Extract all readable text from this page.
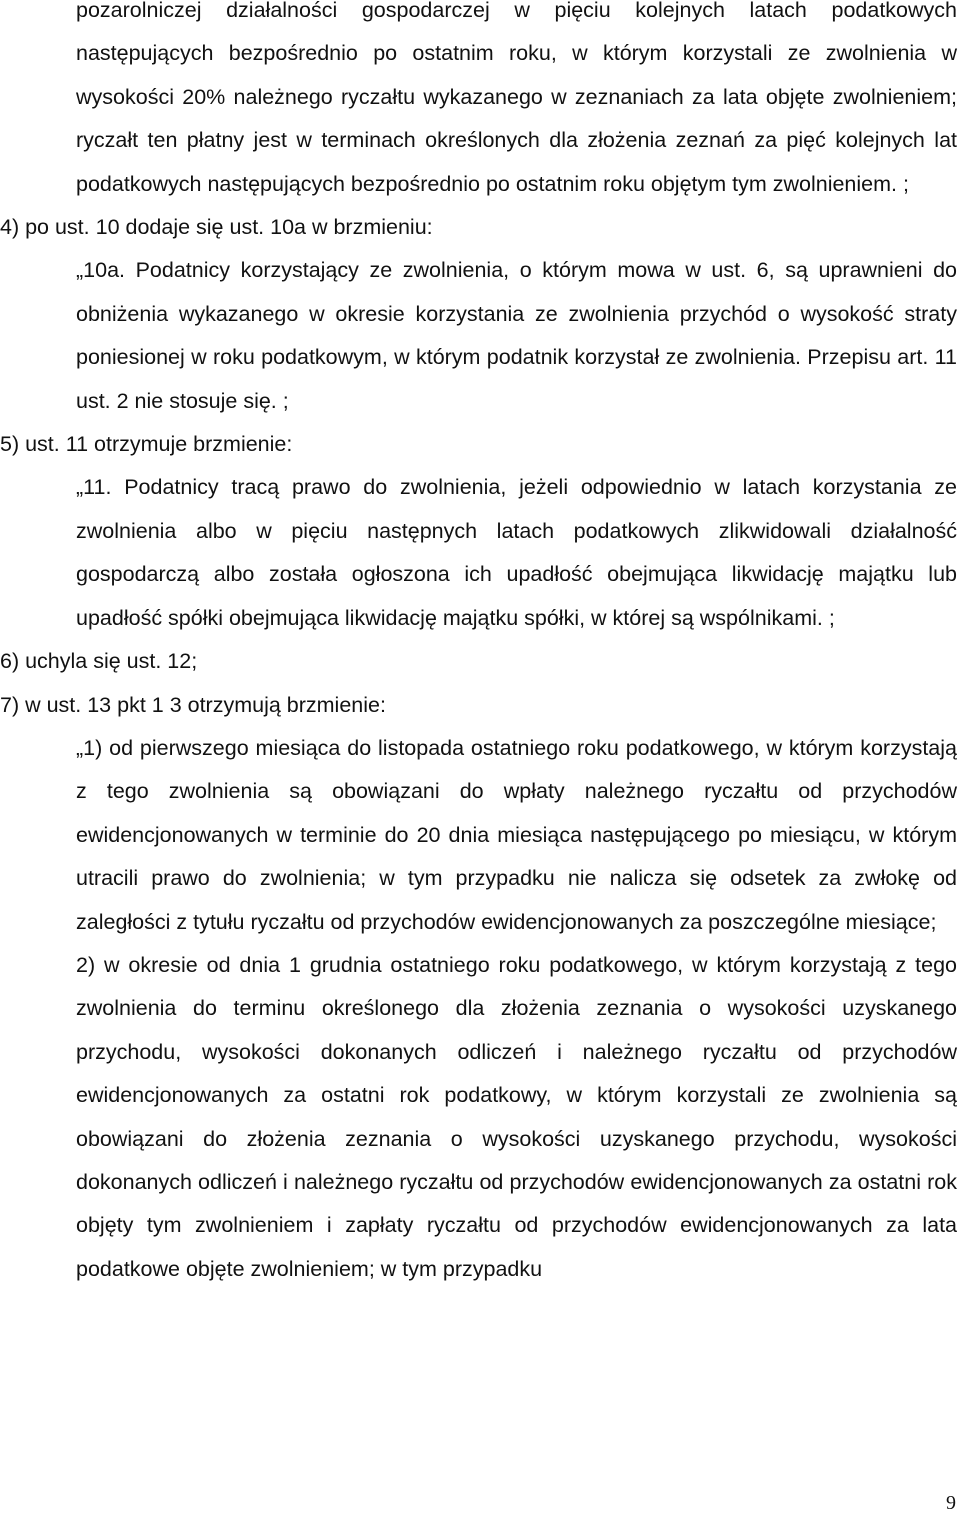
pozarolniczej działalności gospodarczej w pięciu kolejnych latach podatkowych następujących bezpośrednio po ostatnim roku, w którym korzystali ze zwolnienia w wysokości 20% należnego ryczałtu wykazanego w zeznaniach za lata objęte zwolnieniem; ryczałt ten płatny jest w terminach określonych dla złożenia zeznań za pięć kolejnych lat podatkowych następujących bezpośrednio po ostatnim roku objętym tym zwolnieniem. ;
4) po ust. 10 dodaje się ust. 10a w brzmieniu:
„10a. Podatnicy korzystający ze zwolnienia, o którym mowa w ust. 6, są uprawnieni do obniżenia wykazanego w okresie korzystania ze zwolnienia przychód o wysokość straty poniesionej w roku podatkowym, w którym podatnik korzystał ze zwolnienia. Przepisu art. 11 ust. 2 nie stosuje się. ;
5) ust. 11 otrzymuje brzmienie:
„11. Podatnicy tracą prawo do zwolnienia, jeżeli odpowiednio w latach korzystania ze zwolnienia albo w pięciu następnych latach podatkowych zlikwidowali działalność gospodarczą albo została ogłoszona ich upadłość obejmująca likwidację majątku lub upadłość spółki obejmująca likwidację majątku spółki, w której są wspólnikami. ;
6) uchyla się ust. 12;
7) w ust. 13 pkt 1 3 otrzymują brzmienie:
„1) od pierwszego miesiąca do listopada ostatniego roku podatkowego, w którym korzystają z tego zwolnienia są obowiązani do wpłaty należnego ryczałtu od przychodów ewidencjonowanych w terminie do 20 dnia miesiąca następującego po miesiącu, w którym utracili prawo do zwolnienia; w tym przypadku nie nalicza się odsetek za zwłokę od zaległości z tytułu ryczałtu od przychodów ewidencjonowanych za poszczególne miesiące;
2) w okresie od dnia 1 grudnia ostatniego roku podatkowego, w którym korzystają z tego zwolnienia do terminu określonego dla złożenia zeznania o wysokości uzyskanego przychodu, wysokości dokonanych odliczeń i należnego ryczałtu od przychodów ewidencjonowanych za ostatni rok podatkowy, w którym korzystali ze zwolnienia są obowiązani do złożenia zeznania o wysokości uzyskanego przychodu, wysokości dokonanych odliczeń i należnego ryczałtu od przychodów ewidencjonowanych za ostatni rok objęty tym zwolnieniem i zapłaty ryczałtu od przychodów ewidencjonowanych za lata podatkowe objęte zwolnieniem; w tym przypadku
9
